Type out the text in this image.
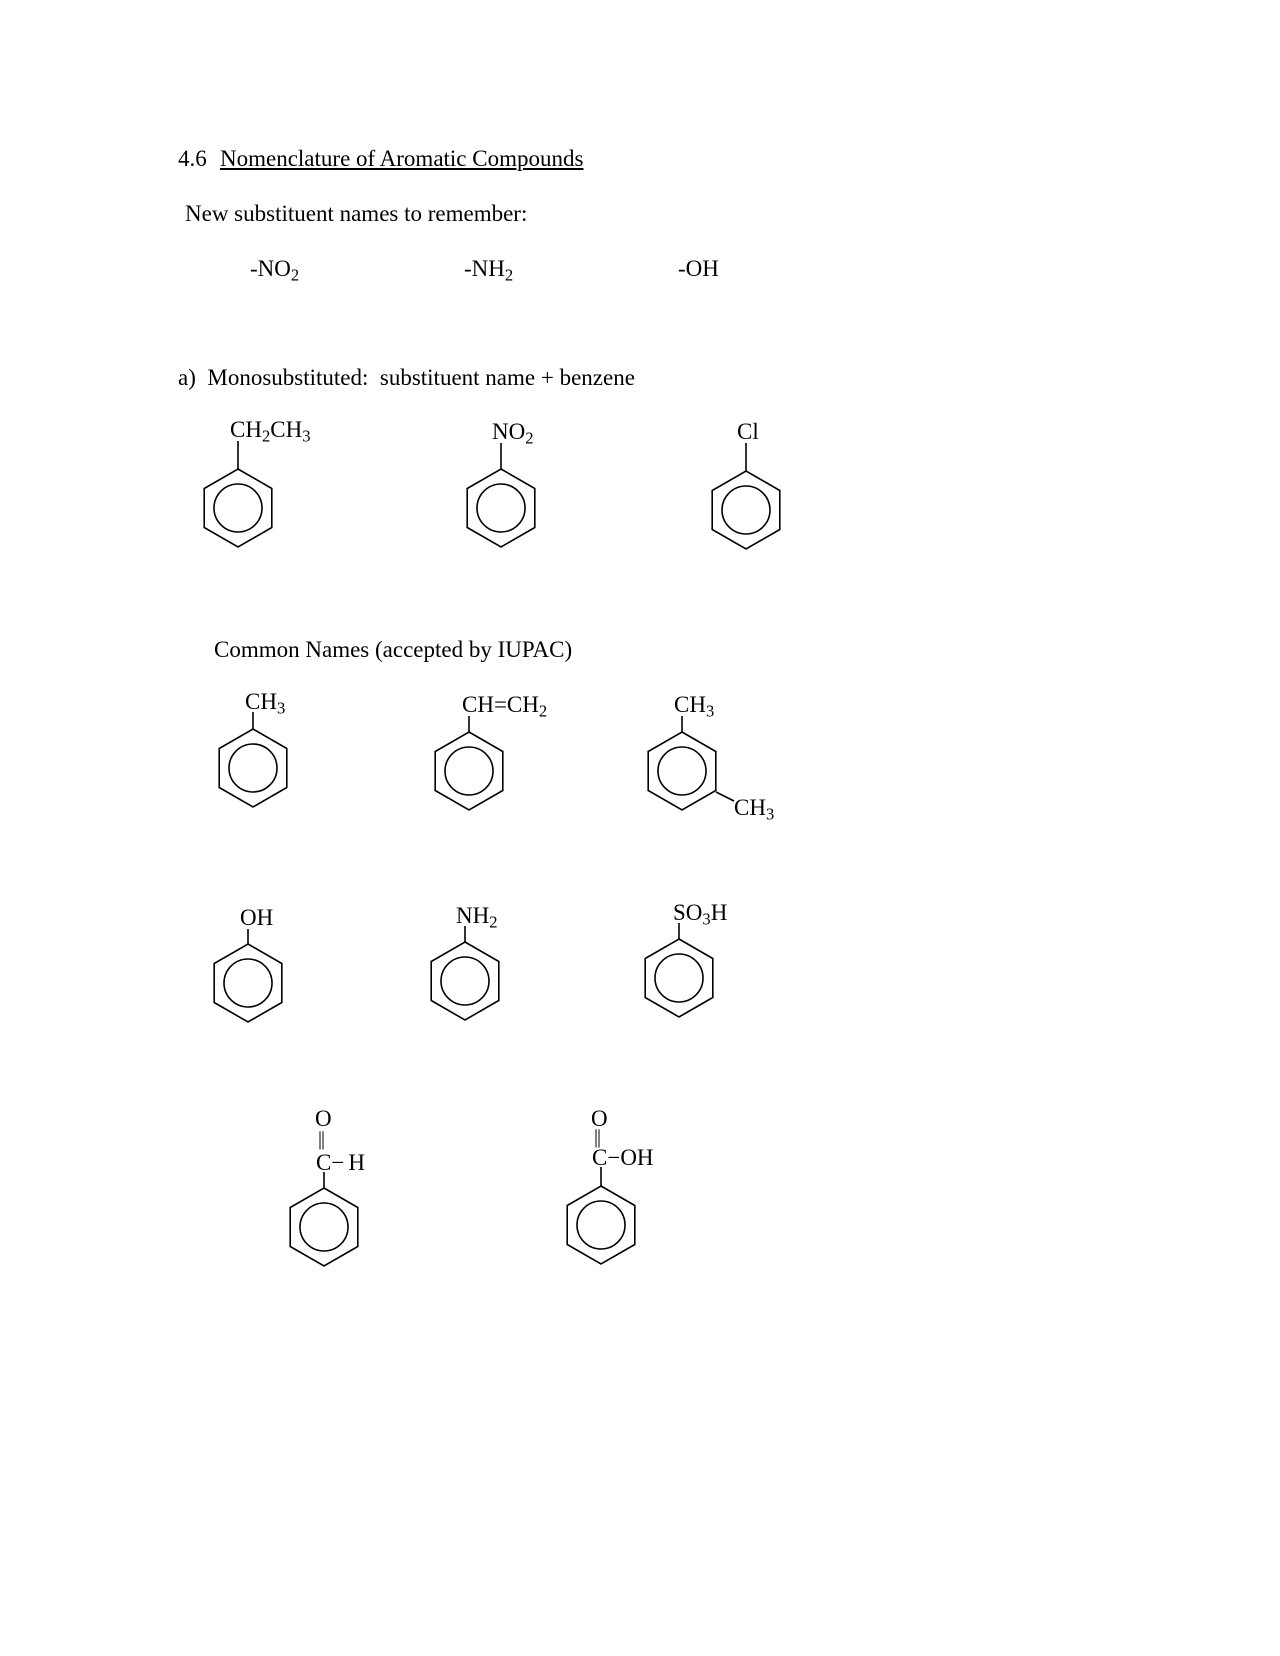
4.6 Nomenclature of Aromatic Compounds
New substituent names to remember:
$-NO_2$	$-NH_2$	-OH
a)  Monosubstituted:  substituent name + benzene
$CH_2CH_3$	$NO_2$	Cl
Common Names (accepted by IUPAC)
$CH_3$	$CH=CH_2$	$CH_3$
$CH_3$
OH	$NH_2$	$SO_3H$
O
||
C− H
O
||
C−OH
